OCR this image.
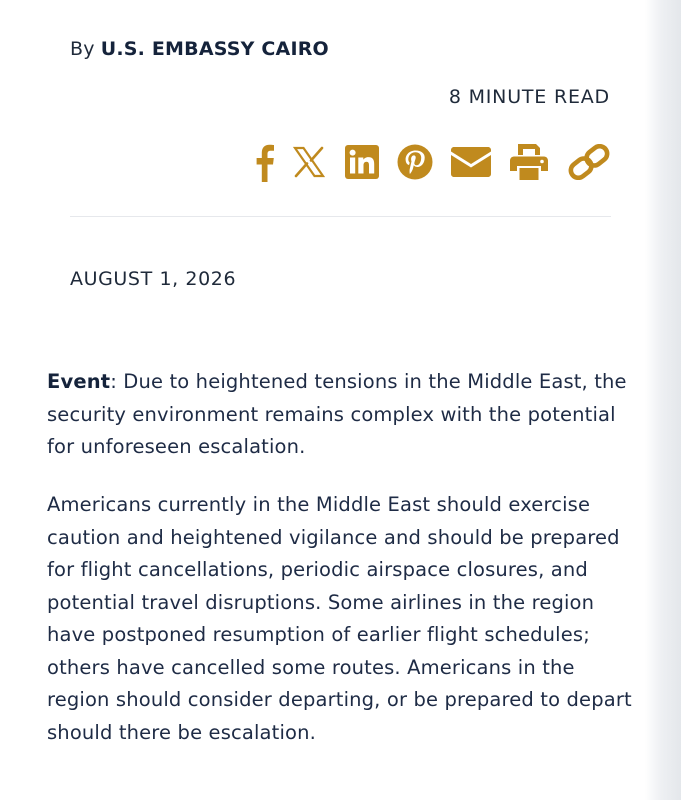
By U.S. EMBASSY CAIRO
8 MINUTE READ
AUGUST 1, 2026

Event: Due to heightened tensions in the Middle East, the security environment remains complex with the potential for unforeseen escalation.

Americans currently in the Middle East should exercise caution and heightened vigilance and should be prepared for flight cancellations, periodic airspace closures, and potential travel disruptions. Some airlines in the region have postponed resumption of earlier flight schedules; others have cancelled some routes. Americans in the region should consider departing, or be prepared to depart should there be escalation.
